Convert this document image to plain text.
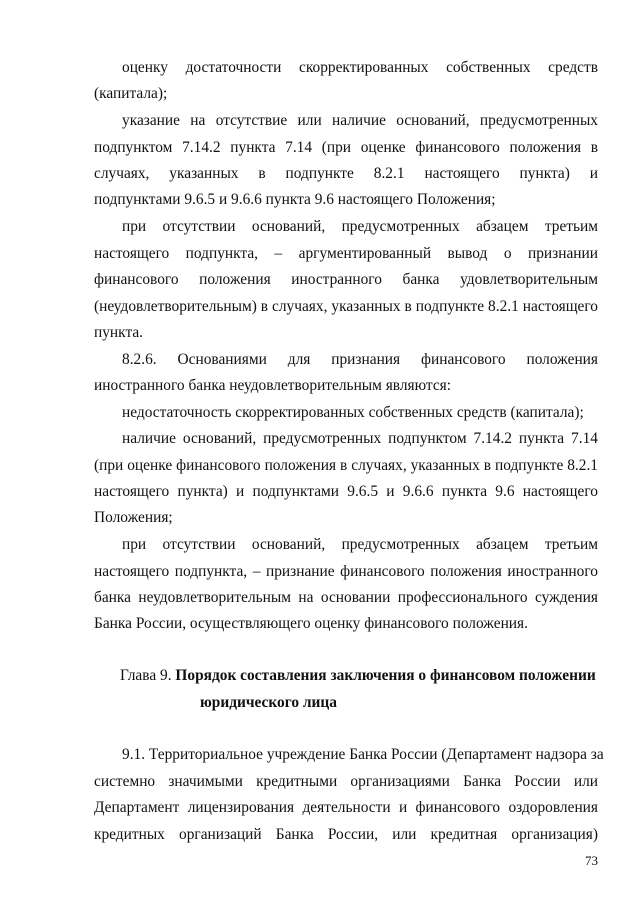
оценку достаточности скорректированных собственных средств
(капитала);
указание на отсутствие или наличие оснований, предусмотренных
подпунктом 7.14.2 пункта 7.14 (при оценке финансового положения в
случаях, указанных в подпункте 8.2.1 настоящего пункта) и
подпунктами 9.6.5 и 9.6.6 пункта 9.6 настоящего Положения;
при отсутствии оснований, предусмотренных абзацем третьим
настоящего подпункта, – аргументированный вывод о признании
финансового положения иностранного банка удовлетворительным
(неудовлетворительным) в случаях, указанных в подпункте 8.2.1 настоящего
пункта.
8.2.6. Основаниями для признания финансового положения
иностранного банка неудовлетворительным являются:
недостаточность скорректированных собственных средств (капитала);
наличие оснований, предусмотренных подпунктом 7.14.2 пункта 7.14
(при оценке финансового положения в случаях, указанных в подпункте 8.2.1
настоящего пункта) и подпунктами 9.6.5 и 9.6.6 пункта 9.6 настоящего
Положения;
при отсутствии оснований, предусмотренных абзацем третьим
настоящего подпункта, – признание финансового положения иностранного
банка неудовлетворительным на основании профессионального суждения
Банка России, осуществляющего оценку финансового положения.
Глава 9. Порядок составления заключения о финансовом положении
юридического лица
9.1. Территориальное учреждение Банка России (Департамент надзора за
системно значимыми кредитными организациями Банка России или
Департамент лицензирования деятельности и финансового оздоровления
кредитных организаций Банка России, или кредитная организация)
73
